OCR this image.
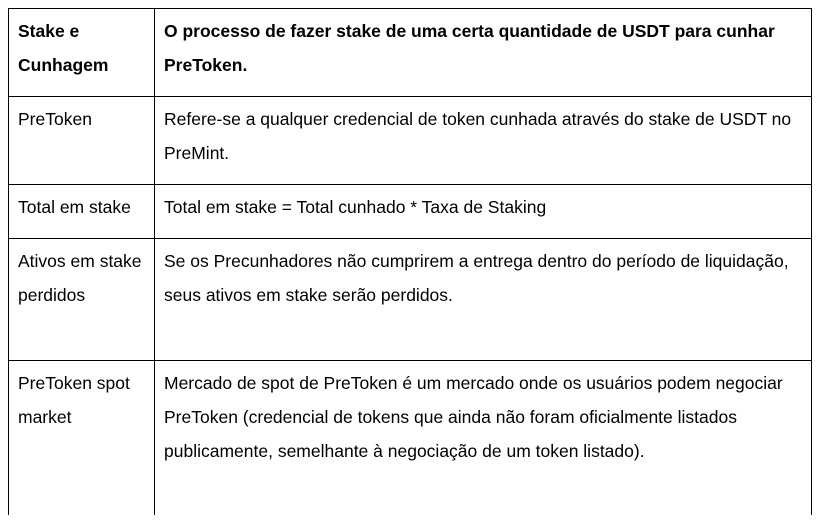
Stake e Cunhagem	O processo de fazer stake de uma certa quantidade de USDT para cunhar PreToken.
PreToken	Refere-se a qualquer credencial de token cunhada através do stake de USDT no PreMint.
Total em stake	Total em stake = Total cunhado * Taxa de Staking
Ativos em stake perdidos	Se os Precunhadores não cumprirem a entrega dentro do período de liquidação, seus ativos em stake serão perdidos.
PreToken spot market	Mercado de spot de PreToken é um mercado onde os usuários podem negociar PreToken (credencial de tokens que ainda não foram oficialmente listados publicamente, semelhante à negociação de um token listado).
